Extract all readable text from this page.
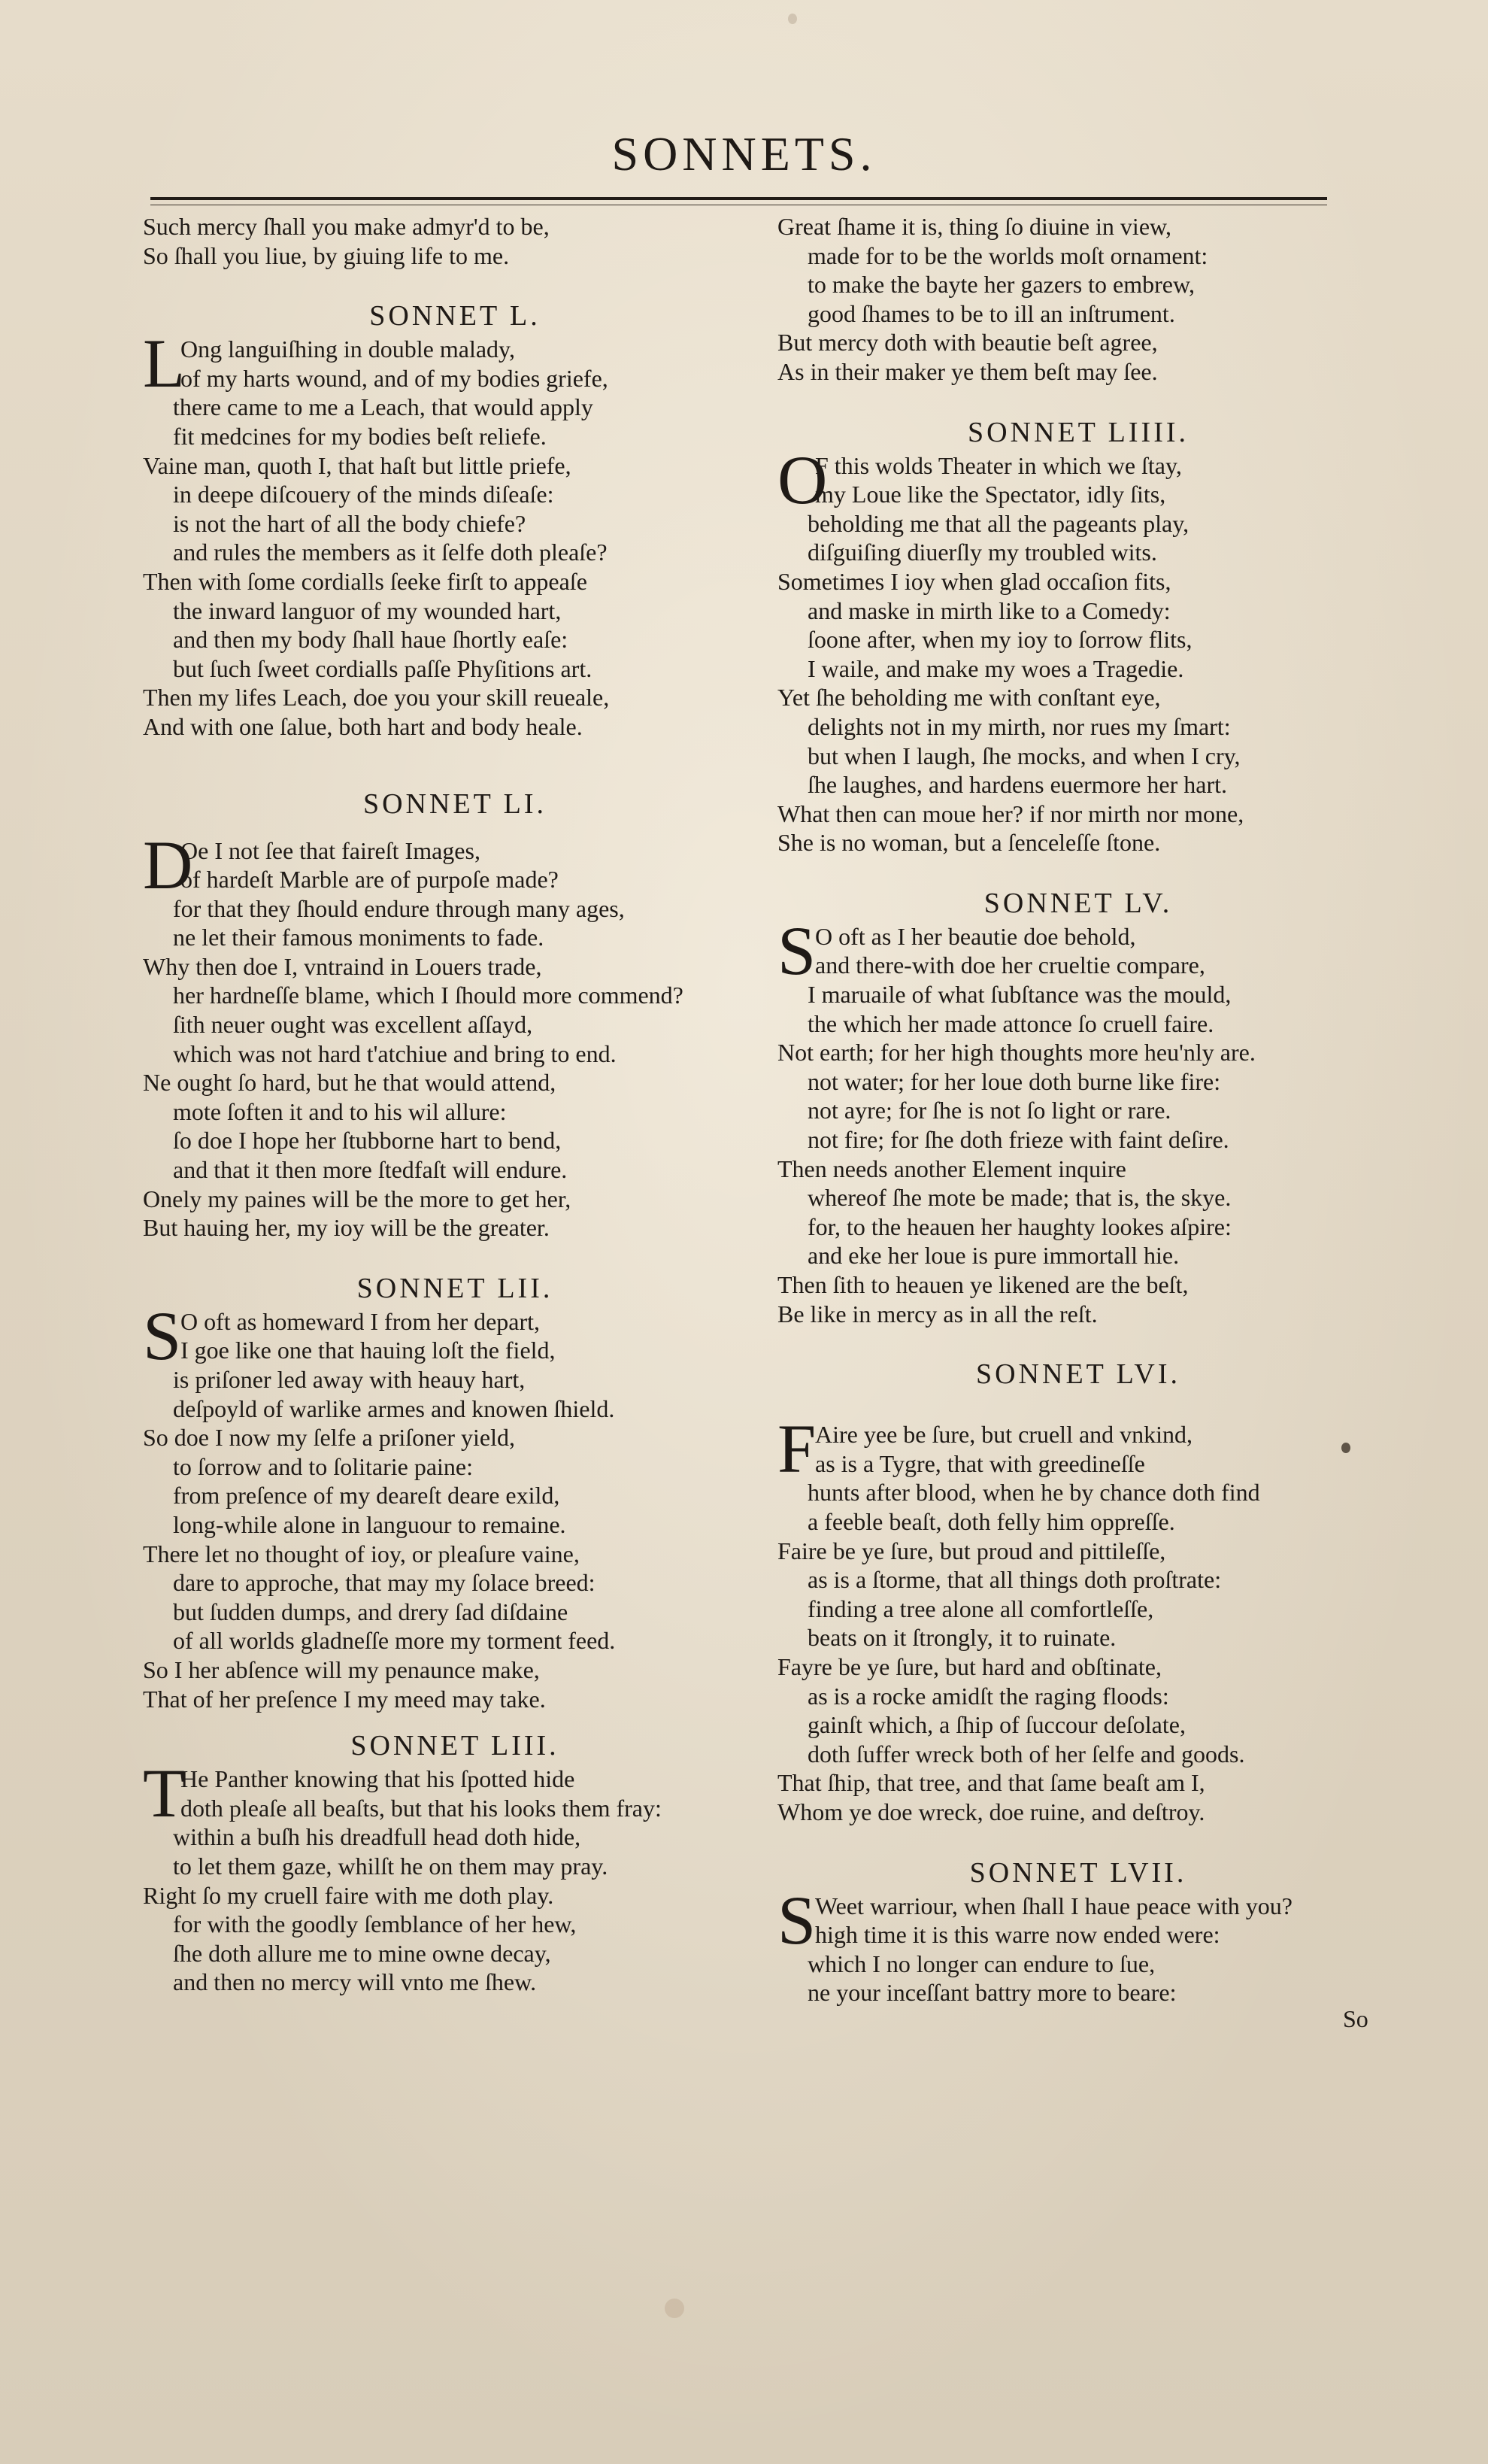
SONNETS.
Such mercy ſhall you make admyr'd to be,
So ſhall you liue, by giuing life to me.
SONNET L.
L
Ong languiſhing in double malady,
of my harts wound, and of my bodies griefe,
there came to me a Leach, that would apply
fit medcines for my bodies beſt reliefe.
Vaine man, quoth I, that haſt but little priefe,
in deepe diſcouery of the minds diſeaſe:
is not the hart of all the body chiefe?
and rules the members as it ſelfe doth pleaſe?
Then with ſome cordialls ſeeke firſt to appeaſe
the inward languor of my wounded hart,
and then my body ſhall haue ſhortly eaſe:
but ſuch ſweet cordialls paſſe Phyſitions art.
Then my lifes Leach, doe you your skill reueale,
And with one ſalue, both hart and body heale.
SONNET LI.
D
Oe I not ſee that faireſt Images,
of hardeſt Marble are of purpoſe made?
for that they ſhould endure through many ages,
ne let their famous moniments to fade.
Why then doe I, vntraind in Louers trade,
her hardneſſe blame, which I ſhould more commend?
ſith neuer ought was excellent aſſayd,
which was not hard t'atchiue and bring to end.
Ne ought ſo hard, but he that would attend,
mote ſoften it and to his wil allure:
ſo doe I hope her ſtubborne hart to bend,
and that it then more ſtedfaſt will endure.
Onely my paines will be the more to get her,
But hauing her, my ioy will be the greater.
SONNET LII.
S
O oft as homeward I from her depart,
I goe like one that hauing loſt the field,
is priſoner led away with heauy hart,
deſpoyld of warlike armes and knowen ſhield.
So doe I now my ſelfe a priſoner yield,
to ſorrow and to ſolitarie paine:
from preſence of my deareſt deare exild,
long-while alone in languour to remaine.
There let no thought of ioy, or pleaſure vaine,
dare to approche, that may my ſolace breed:
but ſudden dumps, and drery ſad diſdaine
of all worlds gladneſſe more my torment feed.
So I her abſence will my penaunce make,
That of her preſence I my meed may take.
SONNET LIII.
T
He Panther knowing that his ſpotted hide
doth pleaſe all beaſts, but that his looks them fray:
within a buſh his dreadfull head doth hide,
to let them gaze, whilſt he on them may pray.
Right ſo my cruell faire with me doth play.
for with the goodly ſemblance of her hew,
ſhe doth allure me to mine owne decay,
and then no mercy will vnto me ſhew.
Great ſhame it is, thing ſo diuine in view,
made for to be the worlds moſt ornament:
to make the bayte her gazers to embrew,
good ſhames to be to ill an inſtrument.
But mercy doth with beautie beſt agree,
As in their maker ye them beſt may ſee.
SONNET LIIII.
O
F this wolds Theater in which we ſtay,
my Loue like the Spectator, idly ſits,
beholding me that all the pageants play,
diſguiſing diuerſly my troubled wits.
Sometimes I ioy when glad occaſion fits,
and maske in mirth like to a Comedy:
ſoone after, when my ioy to ſorrow flits,
I waile, and make my woes a Tragedie.
Yet ſhe beholding me with conſtant eye,
delights not in my mirth, nor rues my ſmart:
but when I laugh, ſhe mocks, and when I cry,
ſhe laughes, and hardens euermore her hart.
What then can moue her? if nor mirth nor mone,
She is no woman, but a ſenceleſſe ſtone.
SONNET LV.
S
O oft as I her beautie doe behold,
and there-with doe her crueltie compare,
I maruaile of what ſubſtance was the mould,
the which her made attonce ſo cruell faire.
Not earth; for her high thoughts more heu'nly are.
not water; for her loue doth burne like fire:
not ayre; for ſhe is not ſo light or rare.
not fire; for ſhe doth frieze with faint deſire.
Then needs another Element inquire
whereof ſhe mote be made; that is, the skye.
for, to the heauen her haughty lookes aſpire:
and eke her loue is pure immortall hie.
Then ſith to heauen ye likened are the beſt,
Be like in mercy as in all the reſt.
SONNET LVI.
F
Aire yee be ſure, but cruell and vnkind,
as is a Tygre, that with greedineſſe
hunts after blood, when he by chance doth find
a feeble beaſt, doth felly him oppreſſe.
Faire be ye ſure, but proud and pittileſſe,
as is a ſtorme, that all things doth proſtrate:
finding a tree alone all comfortleſſe,
beats on it ſtrongly, it to ruinate.
Fayre be ye ſure, but hard and obſtinate,
as is a rocke amidſt the raging floods:
gainſt which, a ſhip of ſuccour deſolate,
doth ſuffer wreck both of her ſelfe and goods.
That ſhip, that tree, and that ſame beaſt am I,
Whom ye doe wreck, doe ruine, and deſtroy.
SONNET LVII.
S
Weet warriour, when ſhall I haue peace with you?
high time it is this warre now ended were:
which I no longer can endure to ſue,
ne your inceſſant battry more to beare:
So
